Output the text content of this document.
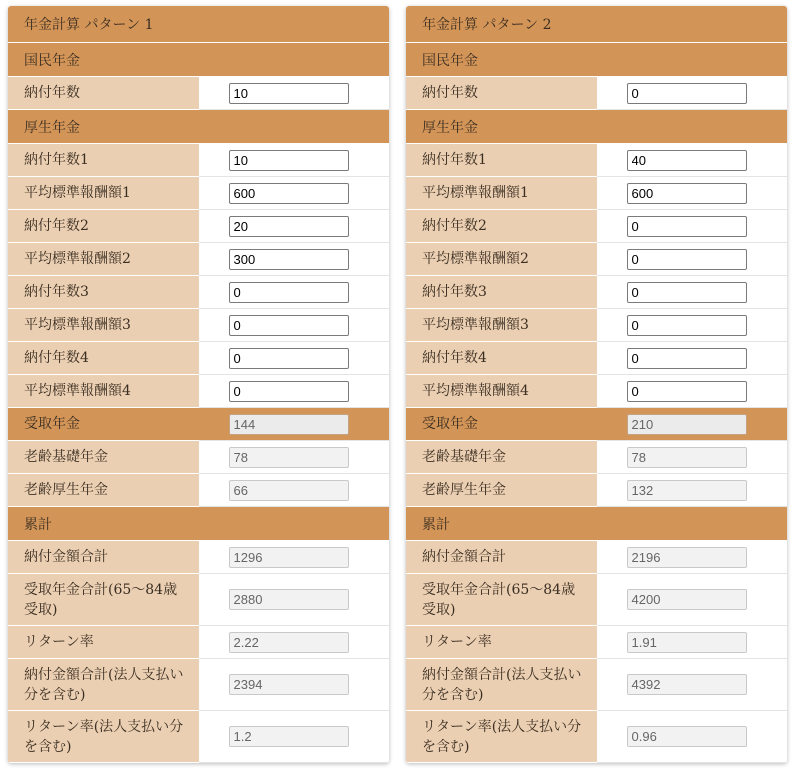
年金計算 パターン 1	
国民年金	
納付年数	
10
厚生年金	
納付年数1	
10
平均標準報酬額1	
600
納付年数2	
20
平均標準報酬額2	
300
納付年数3	
0
平均標準報酬額3	
0
納付年数4	
0
平均標準報酬額4	
0
受取年金	144

老齢基礎年金	78

老齢厚生年金	66

累計	
納付金額合計	1296

受取年金合計(65〜84歳受取)	2880

リターン率	2.22

納付金額合計(法人支払い分を含む)	2394

リターン率(法人支払い分を含む)	1.2
年金計算 パターン 2	
国民年金	
納付年数	
0
厚生年金	
納付年数1	
40
平均標準報酬額1	
600
納付年数2	
0
平均標準報酬額2	
0
納付年数3	
0
平均標準報酬額3	
0
納付年数4	
0
平均標準報酬額4	
0
受取年金	210

老齢基礎年金	78

老齢厚生年金	132

累計	
納付金額合計	2196

受取年金合計(65〜84歳受取)	4200

リターン率	1.91

納付金額合計(法人支払い分を含む)	4392

リターン率(法人支払い分を含む)	0.96
